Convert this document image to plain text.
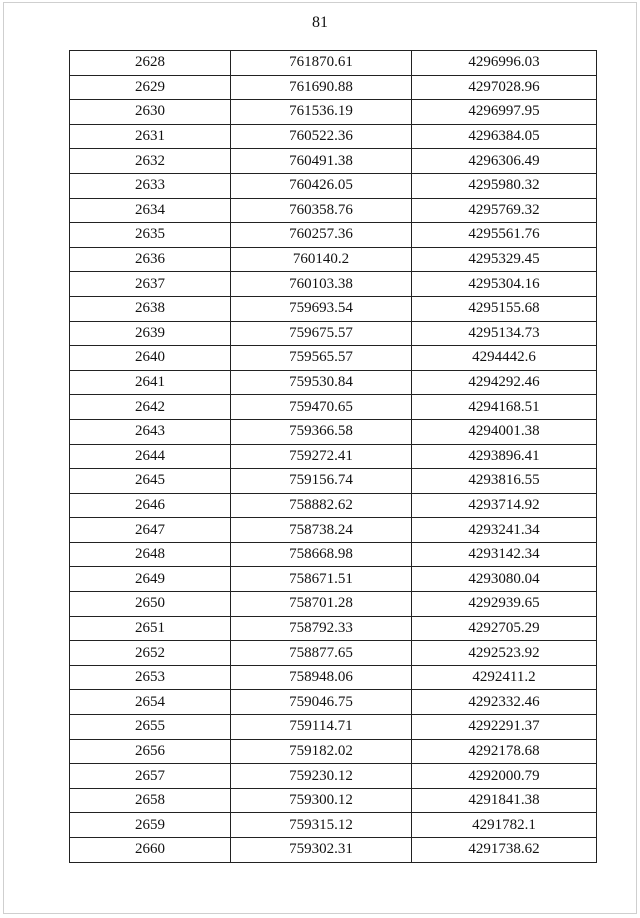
81
2628	761870.61	4296996.03
2629	761690.88	4297028.96
2630	761536.19	4296997.95
2631	760522.36	4296384.05
2632	760491.38	4296306.49
2633	760426.05	4295980.32
2634	760358.76	4295769.32
2635	760257.36	4295561.76
2636	760140.2	4295329.45
2637	760103.38	4295304.16
2638	759693.54	4295155.68
2639	759675.57	4295134.73
2640	759565.57	4294442.6
2641	759530.84	4294292.46
2642	759470.65	4294168.51
2643	759366.58	4294001.38
2644	759272.41	4293896.41
2645	759156.74	4293816.55
2646	758882.62	4293714.92
2647	758738.24	4293241.34
2648	758668.98	4293142.34
2649	758671.51	4293080.04
2650	758701.28	4292939.65
2651	758792.33	4292705.29
2652	758877.65	4292523.92
2653	758948.06	4292411.2
2654	759046.75	4292332.46
2655	759114.71	4292291.37
2656	759182.02	4292178.68
2657	759230.12	4292000.79
2658	759300.12	4291841.38
2659	759315.12	4291782.1
2660	759302.31	4291738.62
